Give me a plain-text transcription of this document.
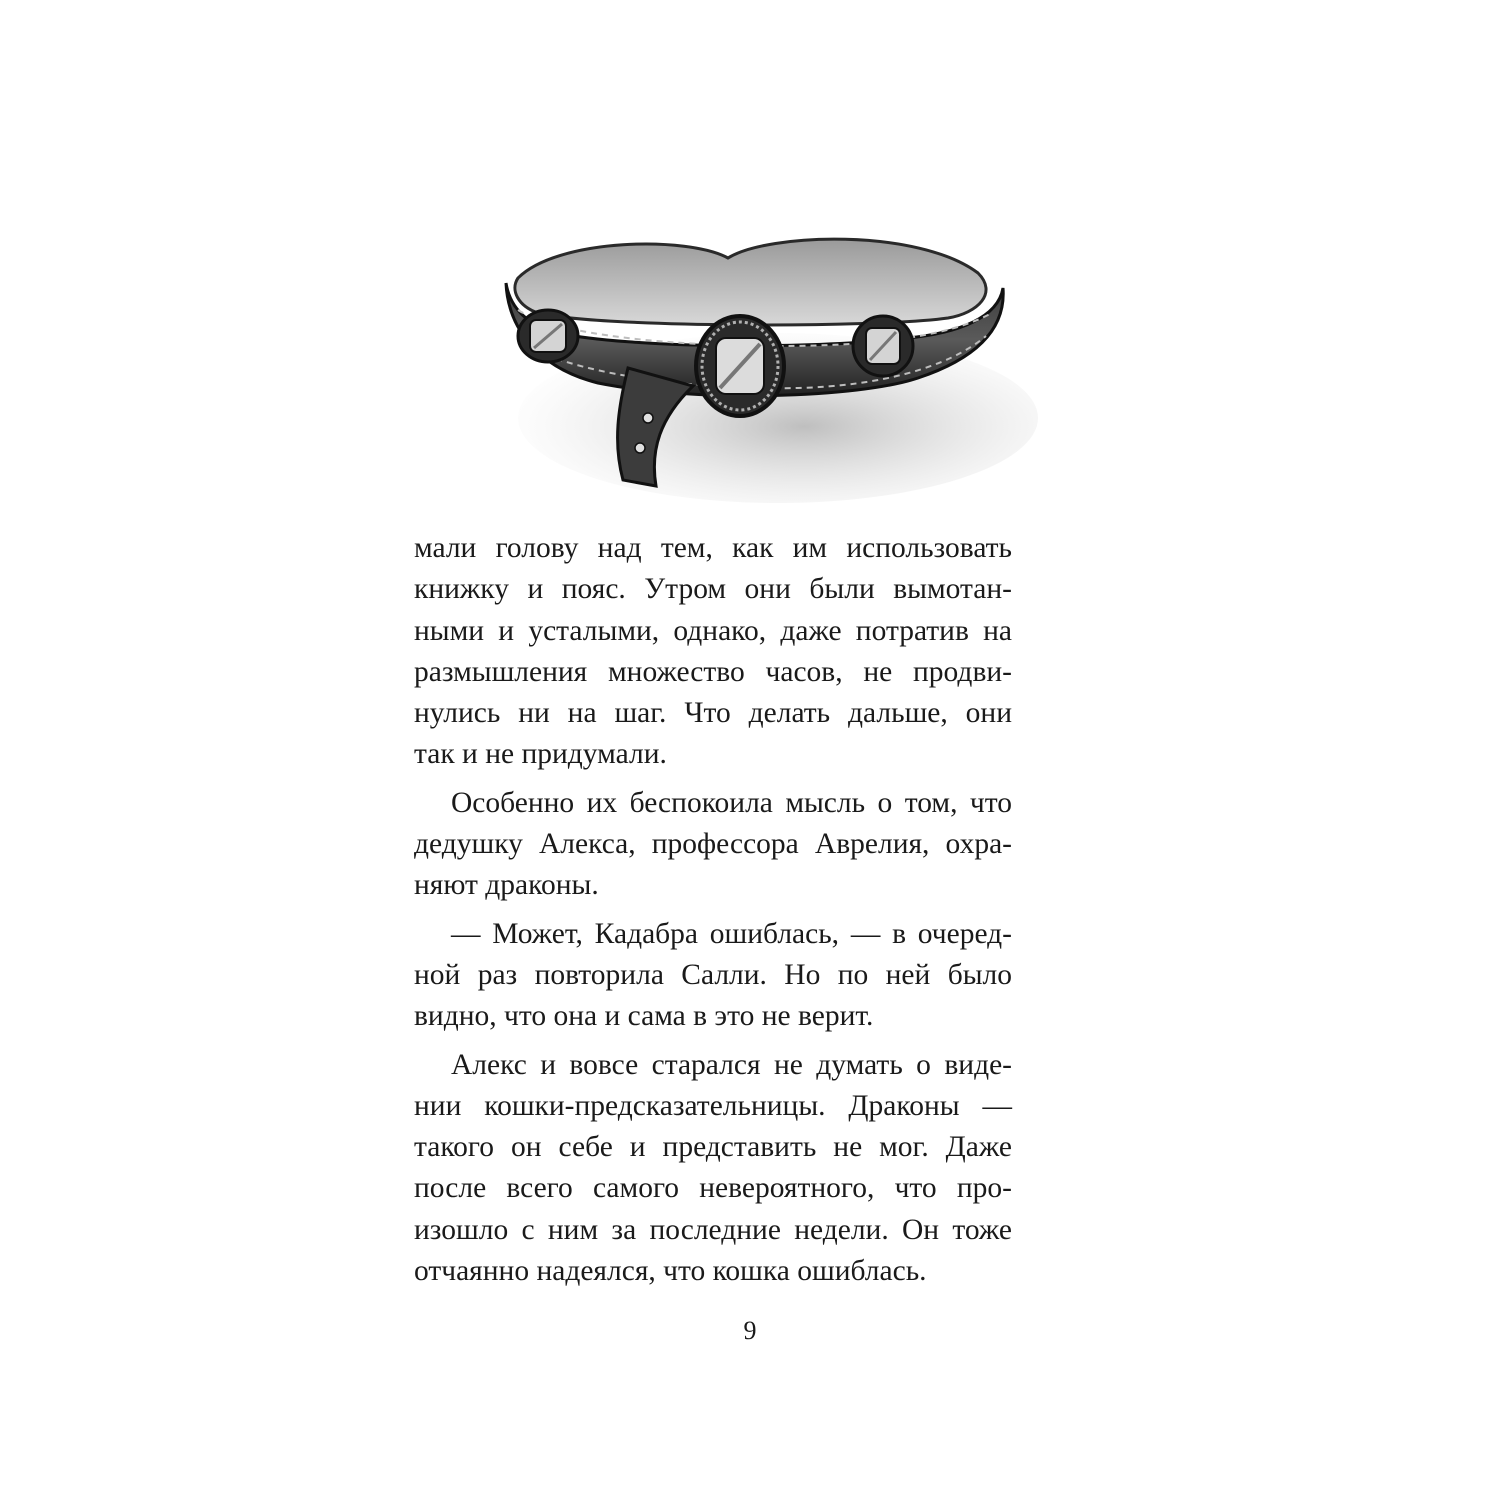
мали голову над тем, как им использовать
книжку и пояс. Утром они были вымотан-
ными и усталыми, однако, даже потратив на
размышления множество часов, не продви-
нулись ни на шаг. Что делать дальше, они
так и не придумали.

Особенно их беспокоила мысль о том, что
дедушку Алекса, профессора Аврелия, охра-
няют драконы.

— Может, Кадабра ошиблась, — в очеред-
ной раз повторила Салли. Но по ней было
видно, что она и сама в это не верит.

Алекс и вовсе старался не думать о виде-
нии кошки-предсказательницы. Драконы —
такого он себе и представить не мог. Даже
после всего самого невероятного, что про-
изошло с ним за последние недели. Он тоже
отчаянно надеялся, что кошка ошиблась.

9
